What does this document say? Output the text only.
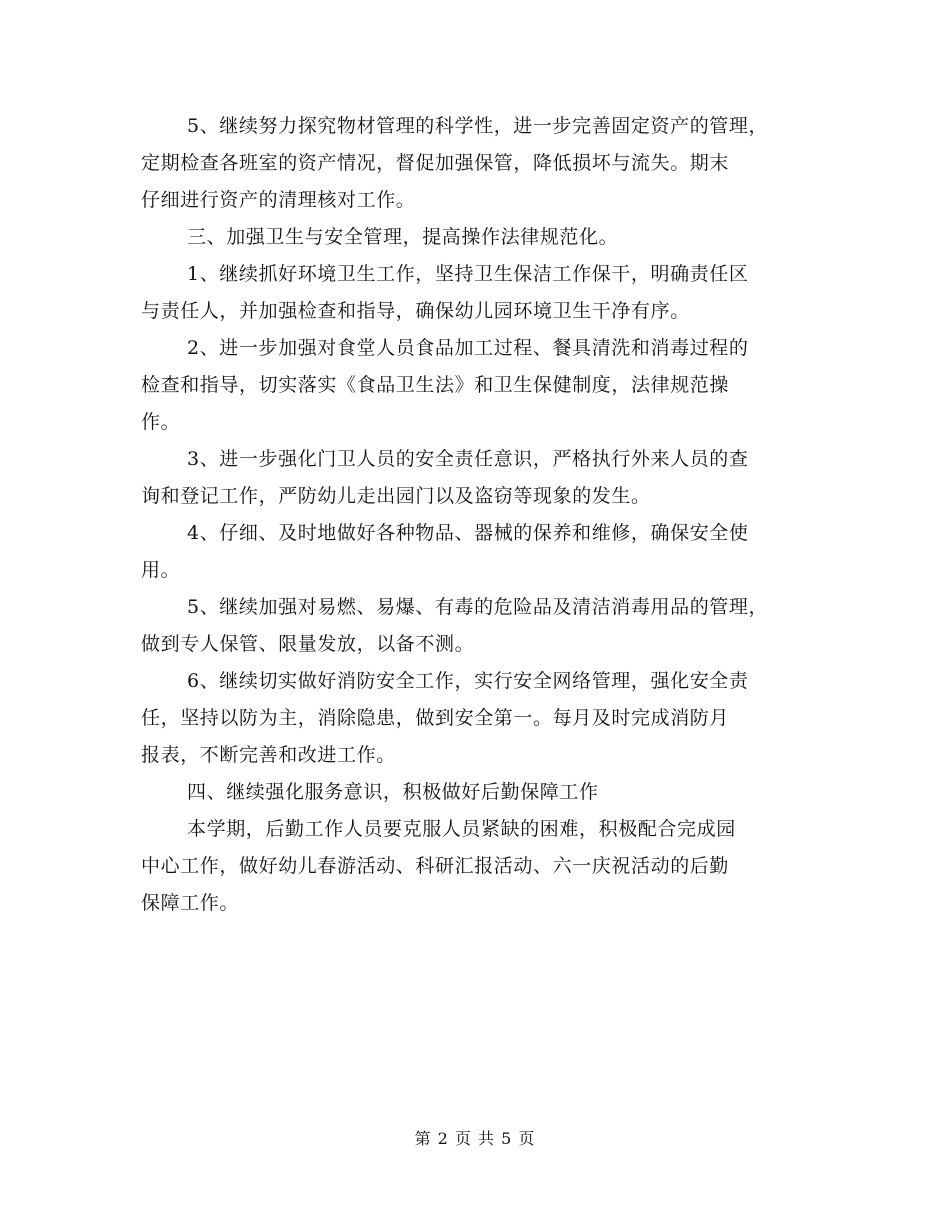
5、继续努力探究物材管理的科学性，进一步完善固定资产的管理，
定期检查各班室的资产情况，督促加强保管，降低损坏与流失。期末
仔细进行资产的清理核对工作。

三、加强卫生与安全管理，提高操作法律规范化。

1、继续抓好环境卫生工作，坚持卫生保洁工作保干，明确责任区
与责任人，并加强检查和指导，确保幼儿园环境卫生干净有序。

2、进一步加强对食堂人员食品加工过程、餐具清洗和消毒过程的
检查和指导，切实落实《食品卫生法》和卫生保健制度，法律规范操
作。

3、进一步强化门卫人员的安全责任意识，严格执行外来人员的查
询和登记工作，严防幼儿走出园门以及盗窃等现象的发生。

4、仔细、及时地做好各种物品、器械的保养和维修，确保安全使
用。

5、继续加强对易燃、易爆、有毒的危险品及清洁消毒用品的管理，
做到专人保管、限量发放，以备不测。

6、继续切实做好消防安全工作，实行安全网络管理，强化安全责
任，坚持以防为主，消除隐患，做到安全第一。每月及时完成消防月
报表，不断完善和改进工作。

四、继续强化服务意识，积极做好后勤保障工作

本学期，后勤工作人员要克服人员紧缺的困难，积极配合完成园
中心工作，做好幼儿春游活动、科研汇报活动、六一庆祝活动的后勤
保障工作。

第 2 页 共 5 页
